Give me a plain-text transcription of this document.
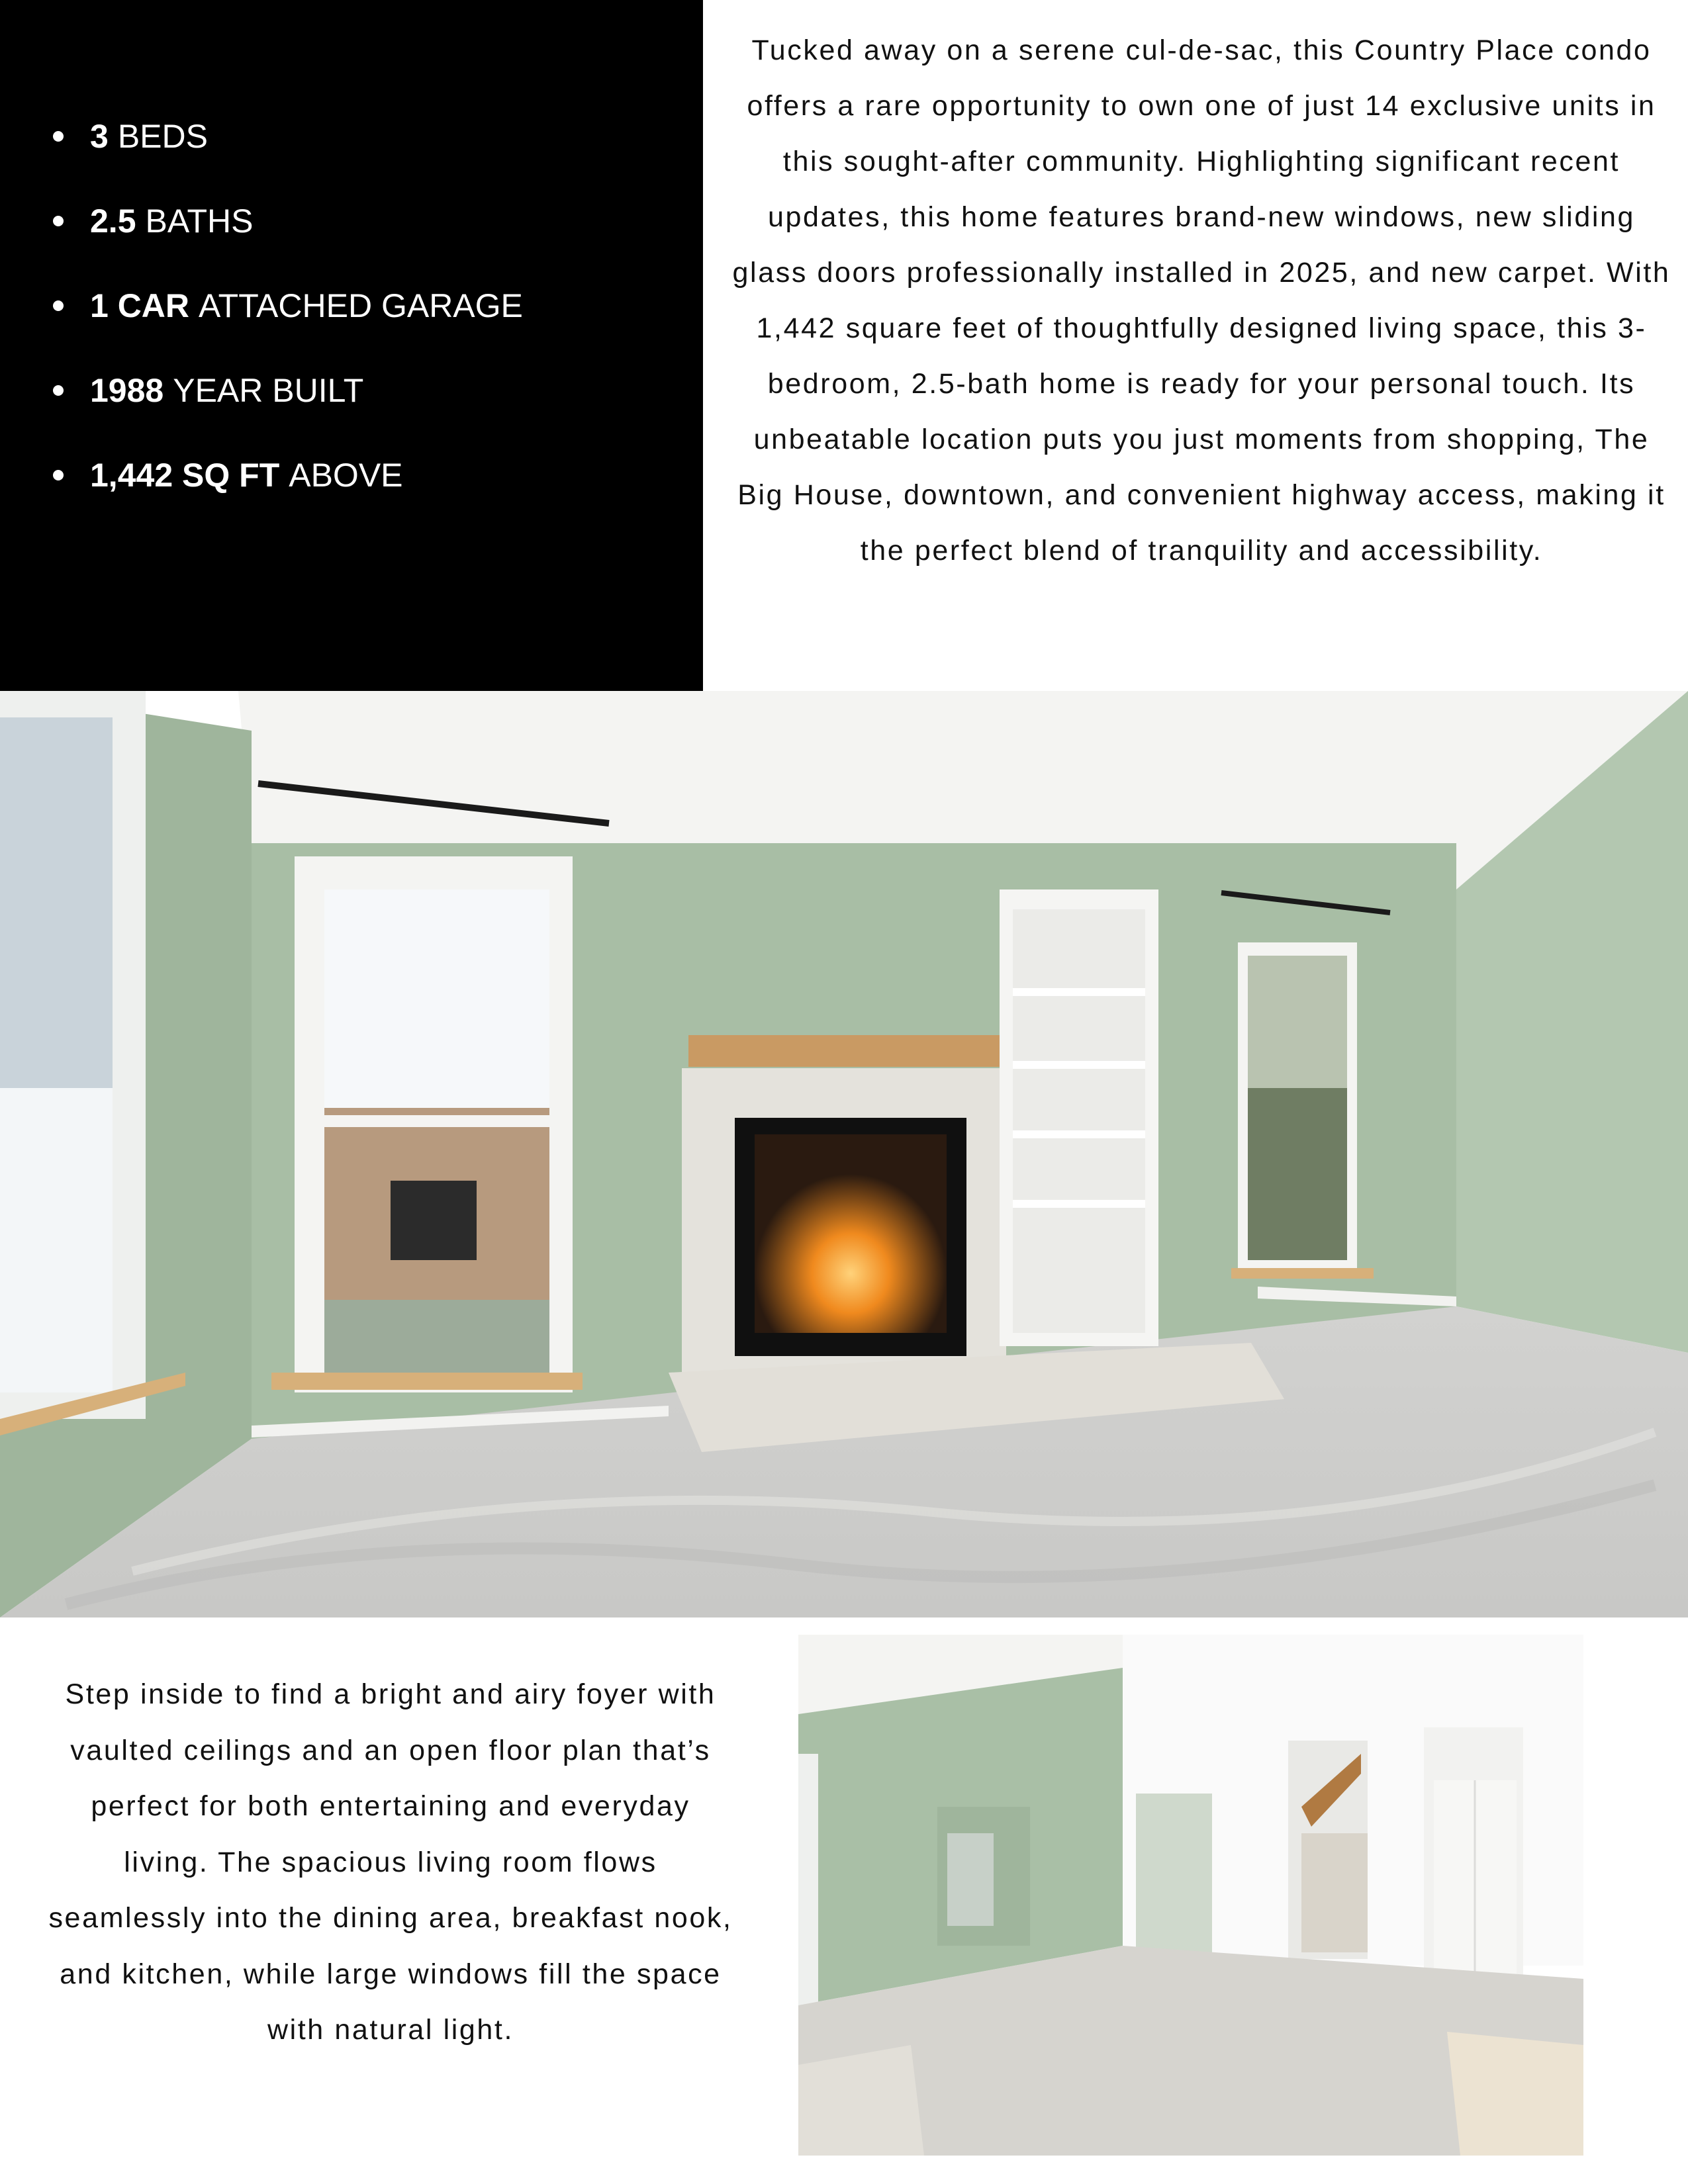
3 BEDS
2.5 BATHS
1 CAR ATTACHED GARAGE
1988 YEAR BUILT
1,442 SQ FT ABOVE

Tucked away on a serene cul-de-sac, this Country Place condo offers a rare opportunity to own one of just 14 exclusive units in this sought-after community. Highlighting significant recent updates, this home features brand-new windows, new sliding glass doors professionally installed in 2025, and new carpet. With 1,442 square feet of thoughtfully designed living space, this 3-bedroom, 2.5-bath home is ready for your personal touch. Its unbeatable location puts you just moments from shopping, The Big House, downtown, and convenient highway access, making it the perfect blend of tranquility and accessibility.

Step inside to find a bright and airy foyer with vaulted ceilings and an open floor plan that’s perfect for both entertaining and everyday living. The spacious living room flows seamlessly into the dining area, breakfast nook, and kitchen, while large windows fill the space with natural light.
